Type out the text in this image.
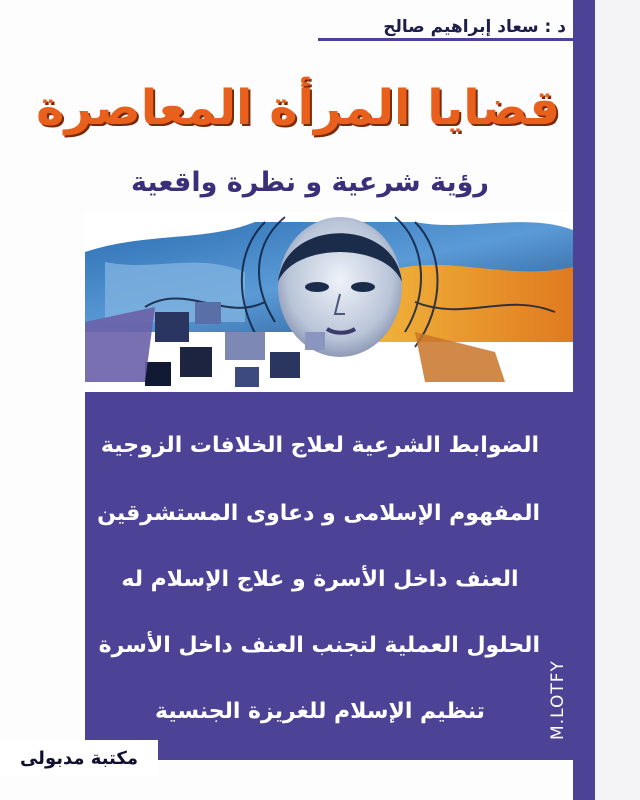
د : سعاد إبراهيم صالح
قضايا المرأة المعاصرة
رؤية شرعية و نظرة واقعية
الضوابط الشرعية لعلاج الخلافات الزوجية
المفهوم الإسلامى و دعاوى المستشرقين
العنف داخل الأسرة و علاج الإسلام له
الحلول العملية لتجنب العنف داخل الأسرة
تنظيم الإسلام للغريزة الجنسية	M.LOTFY
مكتبة مدبولى
